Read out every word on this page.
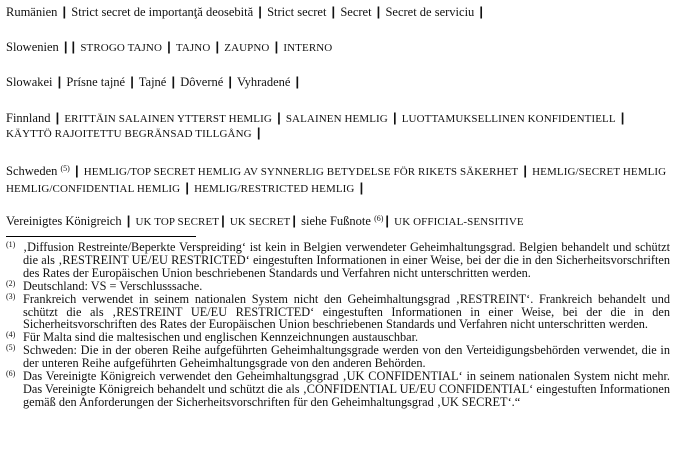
Rumänien | Strict secret de importanţă deosebită | Strict secret | Secret | Secret de serviciu |
Slowenien | | STROGO TAJNO | TAJNO | ZAUPNO | INTERNO
Slowakei | Prísne tajné | Tajné | Dôverné | Vyhradené |
Finnland | ERITTÄIN SALAINEN YTTERST HEMLIG | SALAINEN HEMLIG | LUOTTAMUKSELLINEN KONFIDENTIELL | KÄYTTÖ RAJOITETTU BEGRÄNSAD TILLGÅNG |
Schweden $^{(5)}$ | HEMLIG/TOP SECRET HEMLIG AV SYNNERLIG BETYDELSE FÖR RIKETS SÄKERHET | HEMLIG/SECRET HEMLIG HEMLIG/CONFIDENTIAL HEMLIG | HEMLIG/RESTRICTED HEMLIG |
Vereinigtes Königreich | UK TOP SECRET | UK SECRET | siehe Fußnote $^{(6)}$ | UK OFFICIAL-SENSITIVE
$^{(1)}$ ‚Diffusion Restreinte/Beperkte Verspreiding‘ ist kein in Belgien verwendeter Geheimhaltungsgrad. Belgien behandelt und schützt die als ‚RESTREINT UE/EU RESTRICTED‘ eingestuften Informationen in einer Weise, bei der die in den Sicherheitsvorschriften des Rates der Europäischen Union beschriebenen Standards und Verfahren nicht unterschritten werden.
$^{(2)}$ Deutschland: VS = Verschlusssache.
$^{(3)}$ Frankreich verwendet in seinem nationalen System nicht den Geheimhaltungsgrad ‚RESTREINT‘. Frankreich behandelt und schützt die als ‚RESTREINT UE/EU RESTRICTED‘ eingestuften Informationen in einer Weise, bei der die in den Sicherheitsvorschriften des Rates der Europäischen Union beschriebenen Standards und Verfahren nicht unterschritten werden.
$^{(4)}$ Für Malta sind die maltesischen und englischen Kennzeichnungen austauschbar.
$^{(5)}$ Schweden: Die in der oberen Reihe aufgeführten Geheimhaltungsgrade werden von den Verteidigungsbehörden verwendet, die in der unteren Reihe aufgeführten Geheimhaltungsgrade von den anderen Behörden.
$^{(6)}$ Das Vereinigte Königreich verwendet den Geheimhaltungsgrad ‚UK CONFIDENTIAL‘ in seinem nationalen System nicht mehr. Das Vereinigte Königreich behandelt und schützt die als ‚CONFIDENTIAL UE/EU CONFIDENTIAL‘ eingestuften Informationen gemäß den Anforderungen der Sicherheitsvorschriften für den Geheimhaltungsgrad ‚UK SECRET‘.“
